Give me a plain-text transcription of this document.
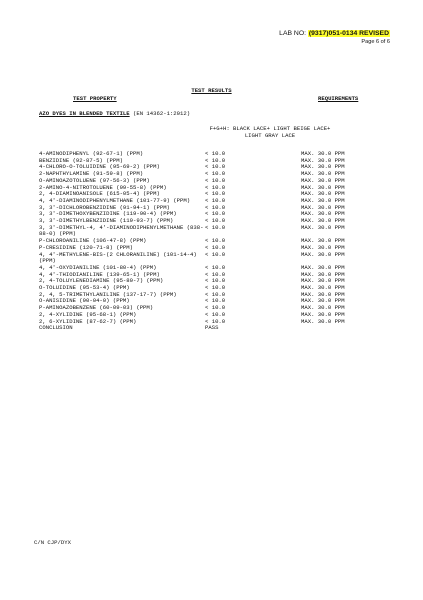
LAB NO: (9317)051-0134 REVISED
Page 6 of 6
TEST RESULTS
TEST PROPERTY	REQUIREMENTS
AZO DYES IN BLENDED TEXTILE (EN 14362-1:2012)
F+G+H: BLACK LACE+ LIGHT BEIGE LACE+ LIGHT GRAY LACE
4-AMINODIPHENYL (92-67-1) (PPM)	< 10.0	MAX. 30.0 PPM
BENZIDINE (92-87-5) (PPM)	< 10.0	MAX. 30.0 PPM
4-CHLORO-O-TOLUIDINE (95-69-2) (PPM)	< 10.0	MAX. 30.0 PPM
2-NAPHTHYLAMINE (91-59-8) (PPM)	< 10.0	MAX. 30.0 PPM
O-AMINOAZOTOLUENE (97-56-3) (PPM)	< 10.0	MAX. 30.0 PPM
2-AMINO-4-NITROTOLUENE (99-55-8) (PPM)	< 10.0	MAX. 30.0 PPM
2, 4-DIAMINOANISOLE (615-05-4) (PPM)	< 10.0	MAX. 30.0 PPM
4, 4'-DIAMINODIPHENYLMETHANE (101-77-9) (PPM)	< 10.0	MAX. 30.0 PPM
3, 3'-DICHLOROBENZIDINE (91-94-1) (PPM)	< 10.0	MAX. 30.0 PPM
3, 3'-DIMETHOXYBENZIDINE (119-90-4) (PPM)	< 10.0	MAX. 30.0 PPM
3, 3'-DIMETHYLBENZIDINE (119-93-7) (PPM)	< 10.0	MAX. 30.0 PPM
3, 3'-DIMETHYL-4, 4'-DIAMINODIPHENYLMETHANE (838-88-0) (PPM)
< 10.0	MAX. 30.0 PPM
P-CHLOROANILINE (106-47-8) (PPM)	< 10.0	MAX. 30.0 PPM
P-CRESIDINE (120-71-8) (PPM)	< 10.0	MAX. 30.0 PPM
4, 4'-METHYLENE-BIS-(2 CHLORANILINE) (101-14-4) (PPM)
< 10.0	MAX. 30.0 PPM
4, 4'-OXYDIANILINE (101-80-4) (PPM)	< 10.0	MAX. 30.0 PPM
4, 4'-THIODIANILINE (139-65-1) (PPM)	< 10.0	MAX. 30.0 PPM
2, 4-TOLUYLENEDIAMINE (95-80-7) (PPM)	< 10.0	MAX. 30.0 PPM
O-TOLUIDINE (95-53-4) (PPM)	< 10.0	MAX. 30.0 PPM
2, 4, 5-TRIMETHYLANILINE (137-17-7) (PPM)	< 10.0	MAX. 30.0 PPM
O-ANISIDINE (90-04-0) (PPM)	< 10.0	MAX. 30.0 PPM
P-AMINOAZOBENZENE (60-09-03) (PPM)	< 10.0	MAX. 30.0 PPM
2, 4-XYLIDINE (95-68-1) (PPM)	< 10.0	MAX. 30.0 PPM
2, 6-XYLIDINE (87-62-7) (PPM)	< 10.0	MAX. 30.0 PPM
CONCLUSION	PASS
C/N CJP/DYX
